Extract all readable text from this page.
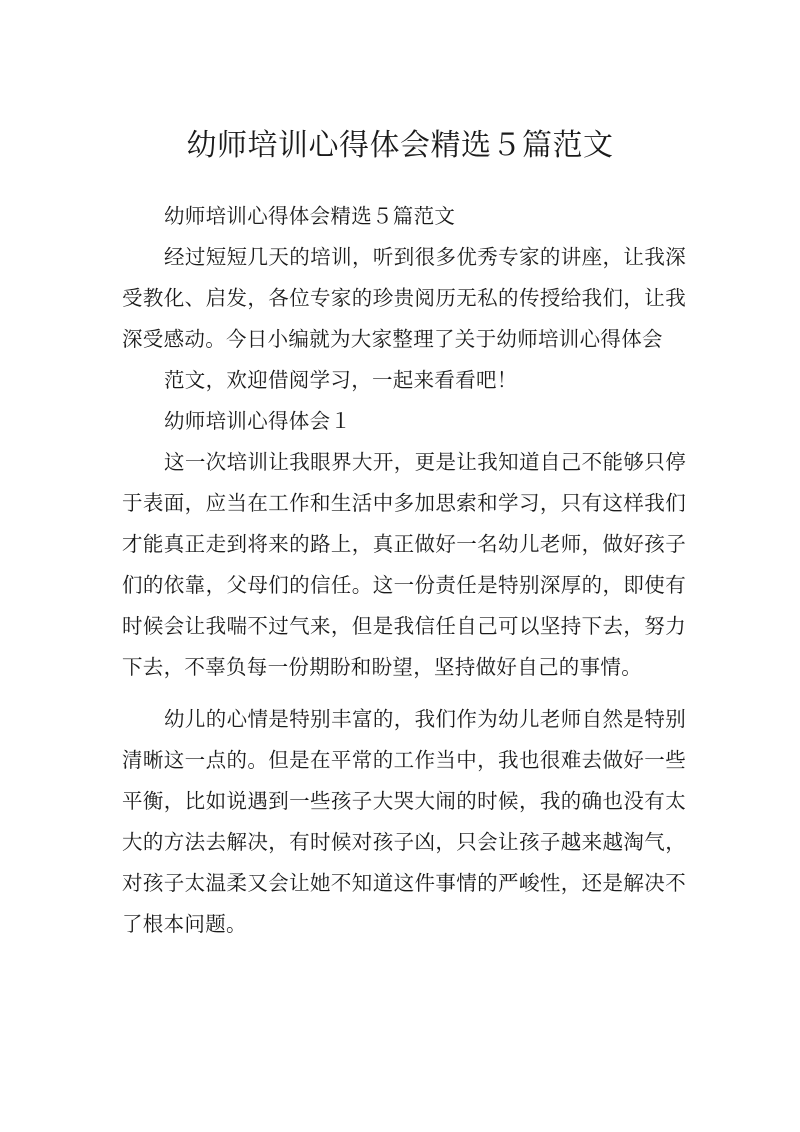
幼师培训心得体会精选５篇范文

幼师培训心得体会精选５篇范文

经过短短几天的培训，听到很多优秀专家的讲座，让我深受教化、启发，各位专家的珍贵阅历无私的传授给我们，让我深受感动。今日小编就为大家整理了关于幼师培训心得体会

范文，欢迎借阅学习，一起来看看吧！

幼师培训心得体会１

这一次培训让我眼界大开，更是让我知道自己不能够只停于表面，应当在工作和生活中多加思索和学习，只有这样我们才能真正走到将来的路上，真正做好一名幼儿老师，做好孩子们的依靠，父母们的信任。这一份责任是特别深厚的，即使有时候会让我喘不过气来，但是我信任自己可以坚持下去，努力下去，不辜负每一份期盼和盼望，坚持做好自己的事情。

幼儿的心情是特别丰富的，我们作为幼儿老师自然是特别清晰这一点的。但是在平常的工作当中，我也很难去做好一些平衡，比如说遇到一些孩子大哭大闹的时候，我的确也没有太大的方法去解决，有时候对孩子凶，只会让孩子越来越淘气，对孩子太温柔又会让她不知道这件事情的严峻性，还是解决不了根本问题。
